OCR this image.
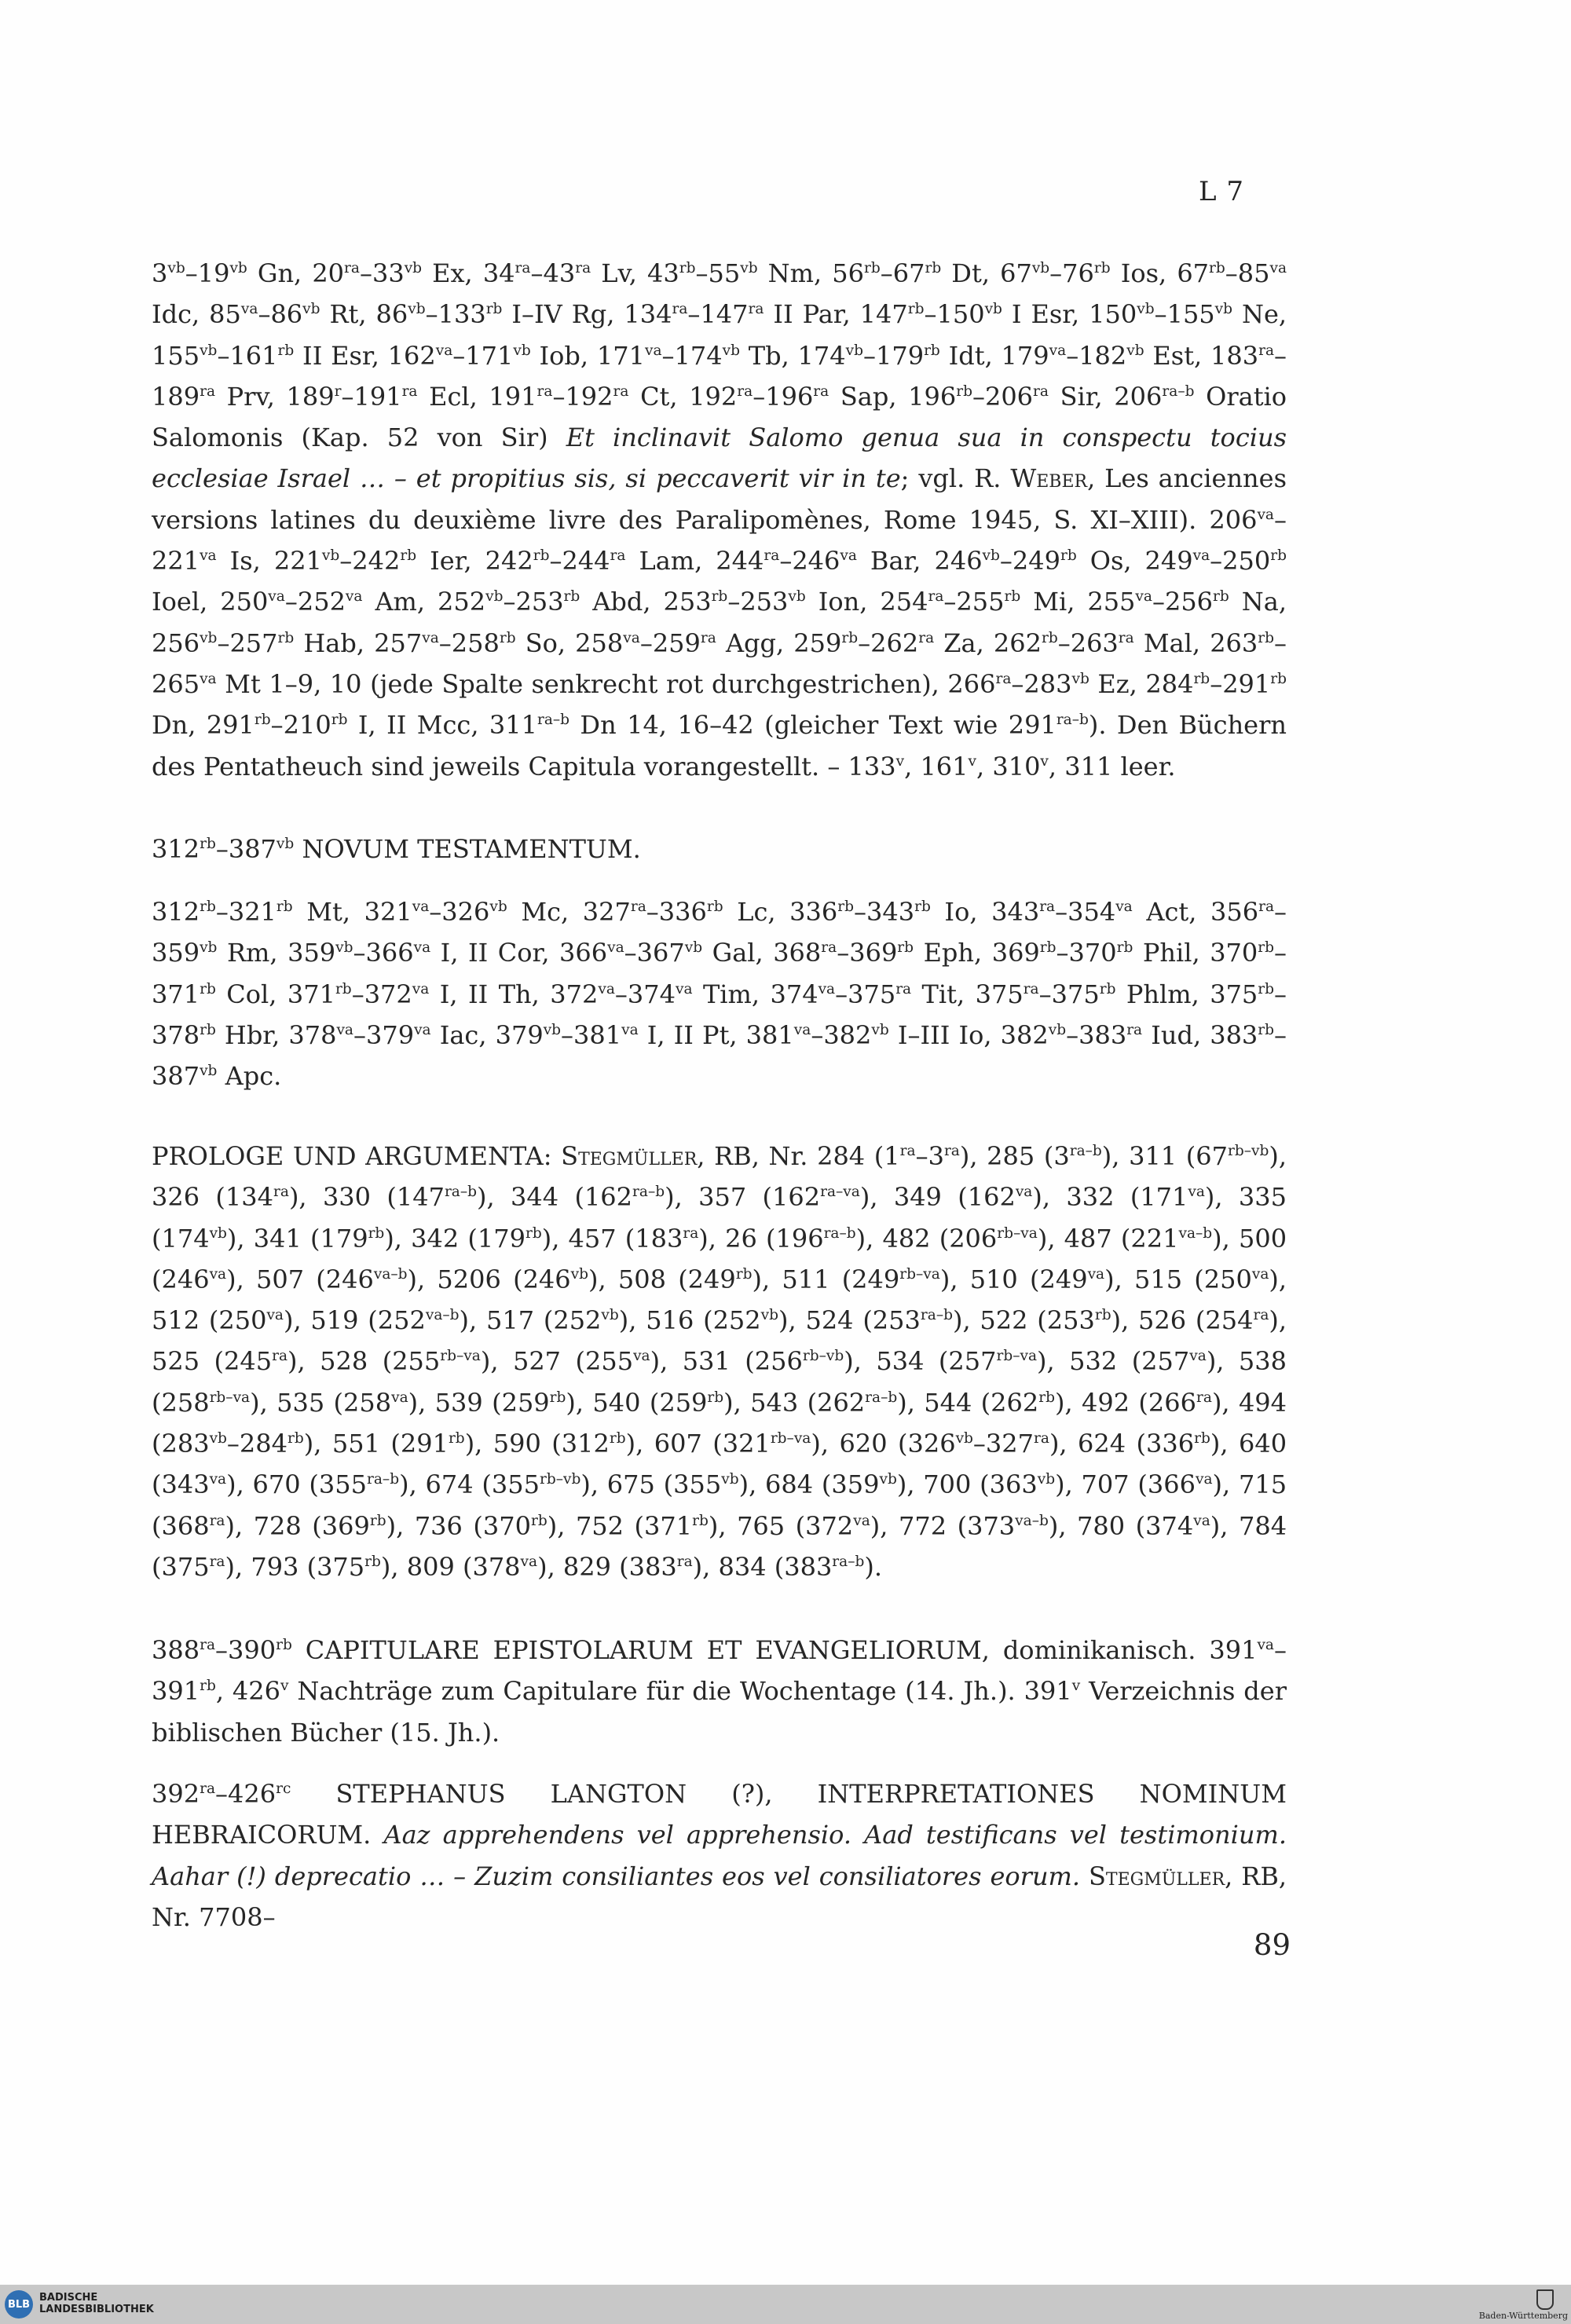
L 7

$3^{vb}-19^{vb}$ Gn, $20^{ra}-33^{vb}$ Ex, $34^{ra}-43^{ra}$ Lv, $43^{rb}-55^{vb}$ Nm, $56^{rb}-67^{rb}$ Dt, $67^{vb}-76^{rb}$ Ios, $67^{rb}-85^{va}$ Idc, $85^{va}-86^{vb}$ Rt, $86^{vb}-133^{rb}$ I–IV Rg, $134^{ra}-147^{ra}$ II Par, $147^{rb}-150^{vb}$ I Esr, $150^{vb}-155^{vb}$ Ne, $155^{vb}-161^{rb}$ II Esr, $162^{va}-171^{vb}$ Iob, $171^{va}-174^{vb}$ Tb, $174^{vb}-179^{rb}$ Idt, $179^{va}-182^{vb}$ Est, $183^{ra}-189^{ra}$ Prv, $189^r-191^{ra}$ Ecl, $191^{ra}-192^{ra}$ Ct, $192^{ra}-196^{ra}$ Sap, $196^{rb}-206^{ra}$ Sir, $206^{ra-b}$ Oratio Salomonis (Kap. 52 von Sir) Et inclinavit Salomo genua sua in conspectu tocius ecclesiae Israel … – et propitius sis, si peccaverit vir in te; vgl. R. Weber, Les anciennes versions latines du deuxième livre des Paralipomènes, Rome 1945, S. XI–XIII). $206^{va}-221^{va}$ Is, $221^{vb}-242^{rb}$ Ier, $242^{rb}-244^{ra}$ Lam, $244^{ra}-246^{va}$ Bar, $246^{vb}-249^{rb}$ Os, $249^{va}-250^{rb}$ Ioel, $250^{va}-252^{va}$ Am, $252^{vb}-253^{rb}$ Abd, $253^{rb}-253^{vb}$ Ion, $254^{ra}-255^{rb}$ Mi, $255^{va}-256^{rb}$ Na, $256^{vb}-257^{rb}$ Hab, $257^{va}-258^{rb}$ So, $258^{va}-259^{ra}$ Agg, $259^{rb}-262^{ra}$ Za, $262^{rb}-263^{ra}$ Mal, $263^{rb}-265^{va}$ Mt 1–9, 10 (jede Spalte senkrecht rot durchgestrichen), $266^{ra}-283^{vb}$ Ez, $284^{rb}-291^{rb}$ Dn, $291^{rb}-210^{rb}$ I, II Mcc, $311^{ra-b}$ Dn 14, 16–42 (gleicher Text wie $291^{ra-b}$). Den Büchern des Pentatheuch sind jeweils Capitula vorangestellt. – 133$^v$, 161$^v$, 310$^v$, 311 leer.

$312^{rb}-387^{vb}$ NOVUM TESTAMENTUM.

$312^{rb}-321^{rb}$ Mt, $321^{va}-326^{vb}$ Mc, $327^{ra}-336^{rb}$ Lc, $336^{rb}-343^{rb}$ Io, $343^{ra}-354^{va}$ Act, $356^{ra}-359^{vb}$ Rm, $359^{vb}-366^{va}$ I, II Cor, $366^{va}-367^{vb}$ Gal, $368^{ra}-369^{rb}$ Eph, $369^{rb}-370^{rb}$ Phil, $370^{rb}-371^{rb}$ Col, $371^{rb}-372^{va}$ I, II Th, $372^{va}-374^{va}$ Tim, $374^{va}-375^{ra}$ Tit, $375^{ra}-375^{rb}$ Phlm, $375^{rb}-378^{rb}$ Hbr, $378^{va}-379^{va}$ Iac, $379^{vb}-381^{va}$ I, II Pt, $381^{va}-382^{vb}$ I–III Io, $382^{vb}-383^{ra}$ Iud, $383^{rb}-387^{vb}$ Apc.

PROLOGE UND ARGUMENTA: Stegmüller, RB, Nr. 284 $(1^{ra}-3^{ra})$, 285 $(3^{ra-b})$, 311 $(67^{rb-vb})$, 326 $(134^{ra})$, 330 $(147^{ra-b})$, 344 $(162^{ra-b})$, 357 $(162^{ra-va})$, 349 $(162^{va})$, 332 $(171^{va})$, 335 $(174^{vb})$, 341 $(179^{rb})$, 342 $(179^{rb})$, 457 $(183^{ra})$, 26 $(196^{ra-b})$, 482 $(206^{rb-va})$, 487 $(221^{va-b})$, 500 $(246^{va})$, 507 $(246^{va-b})$, 5206 $(246^{vb})$, 508 $(249^{rb})$, 511 $(249^{rb-va})$, 510 $(249^{va})$, 515 $(250^{va})$, 512 $(250^{va})$, 519 $(252^{va-b})$, 517 $(252^{vb})$, 516 $(252^{vb})$, 524 $(253^{ra-b})$, 522 $(253^{rb})$, 526 $(254^{ra})$, 525 $(245^{ra})$, 528 $(255^{rb-va})$, 527 $(255^{va})$, 531 $(256^{rb-vb})$, 534 $(257^{rb-va})$, 532 $(257^{va})$, 538 $(258^{rb-va})$, 535 $(258^{va})$, 539 $(259^{rb})$, 540 $(259^{rb})$, 543 $(262^{ra-b})$, 544 $(262^{rb})$, 492 $(266^{ra})$, 494 $(283^{vb}-284^{rb})$, 551 $(291^{rb})$, 590 $(312^{rb})$, 607 $(321^{rb-va})$, 620 $(326^{vb}-327^{ra})$, 624 $(336^{rb})$, 640 $(343^{va})$, 670 $(355^{ra-b})$, 674 $(355^{rb-vb})$, 675 $(355^{vb})$, 684 $(359^{vb})$, 700 $(363^{vb})$, 707 $(366^{va})$, 715 $(368^{ra})$, 728 $(369^{rb})$, 736 $(370^{rb})$, 752 $(371^{rb})$, 765 $(372^{va})$, 772 $(373^{va-b})$, 780 $(374^{va})$, 784 $(375^{ra})$, 793 $(375^{rb})$, 809 $(378^{va})$, 829 $(383^{ra})$, 834 $(383^{ra-b})$.

$388^{ra}-390^{rb}$ CAPITULARE EPISTOLARUM ET EVANGELIORUM, dominikanisch. $391^{va}-391^{rb}$, 426$^v$ Nachträge zum Capitulare für die Wochentage (14. Jh.). 391$^v$ Verzeichnis der biblischen Bücher (15. Jh.).

$392^{ra}-426^{rc}$ STEPHANUS LANGTON (?), INTERPRETATIONES NOMINUM HEBRAICORUM. Aaz apprehendens vel apprehensio. Aad testificans vel testimonium. Aahar (!) deprecatio … – Zuzim consiliantes eos vel consiliatores eorum. Stegmüller, RB, Nr. 7708–

89
BLB
BADISCHE
LANDESBIBLIOTHEK
Baden-Württemberg
